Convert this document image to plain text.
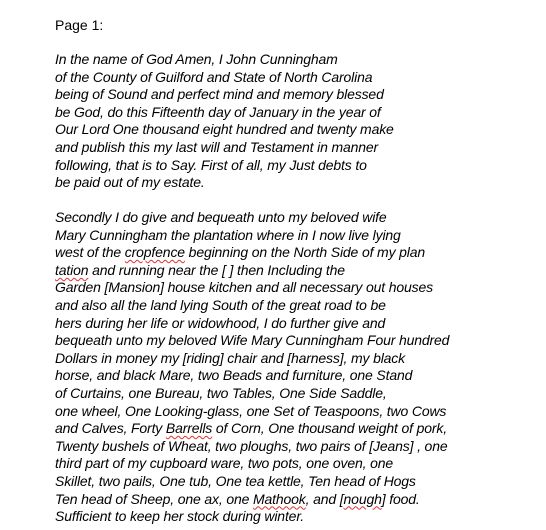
Page 1:
In the name of God Amen, I John Cunningham
of the County of Guilford and State of North Carolina
being of Sound and perfect mind and memory blessed
be God, do this Fifteenth day of January in the year of
Our Lord One thousand eight hundred and twenty make
and publish this my last will and Testament in manner
following, that is to Say. First of all, my Just debts to
be paid out of my estate.
Secondly I do give and bequeath unto my beloved wife
Mary Cunningham the plantation where in I now live lying
west of the cropfence beginning on the North Side of my plan
tation and running near the [ ] then Including the
Garden [Mansion] house kitchen and all necessary out houses
and also all the land lying South of the great road to be
hers during her life or widowhood, I do further give and
bequeath unto my beloved Wife Mary Cunningham Four hundred
Dollars in money my [riding] chair and [harness], my black
horse, and black Mare, two Beads and furniture, one Stand
of Curtains, one Bureau, two Tables, One Side Saddle,
one wheel, One Looking-glass, one Set of Teaspoons, two Cows
and Calves, Forty Barrells of Corn, One thousand weight of pork,
Twenty bushels of Wheat, two ploughs, two pairs of [Jeans] , one
third part of my cupboard ware, two pots, one oven, one
Skillet, two pails, One tub, One tea kettle, Ten head of Hogs
Ten head of Sheep, one ax, one Mathook, and [nough] food.
Sufficient to keep her stock during winter.
